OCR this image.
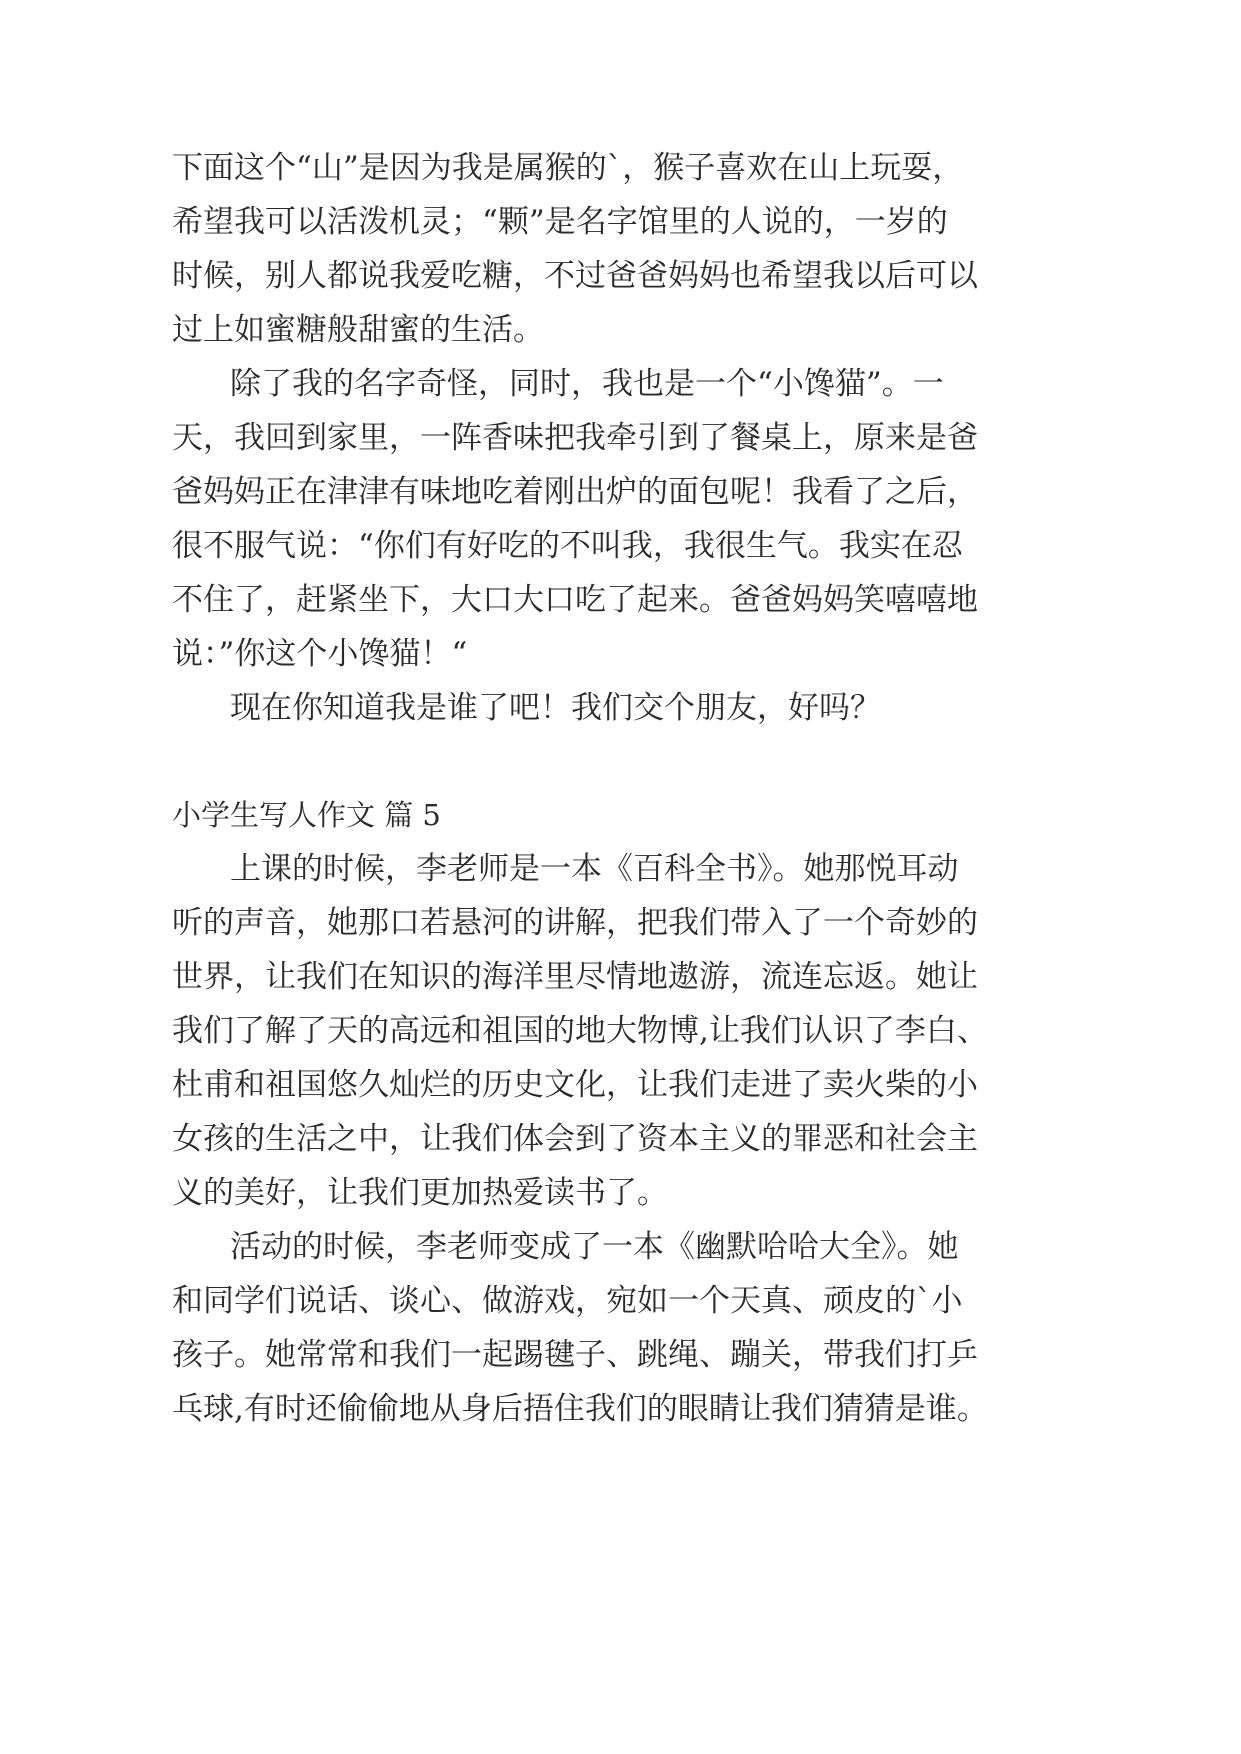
下面这个“山”是因为我是属猴的`，猴子喜欢在山上玩耍，
希望我可以活泼机灵；“颗”是名字馆里的人说的，一岁的
时候，别人都说我爱吃糖，不过爸爸妈妈也希望我以后可以
过上如蜜糖般甜蜜的生活。
除了我的名字奇怪，同时，我也是一个“小馋猫”。一
天，我回到家里，一阵香味把我牵引到了餐桌上，原来是爸
爸妈妈正在津津有味地吃着刚出炉的面包呢！我看了之后，
很不服气说：“你们有好吃的不叫我，我很生气。我实在忍
不住了，赶紧坐下，大口大口吃了起来。爸爸妈妈笑嘻嘻地
说：”你这个小馋猫！“
现在你知道我是谁了吧！我们交个朋友，好吗？
小学生写人作文 篇 5
上课的时候，李老师是一本《百科全书》。她那悦耳动
听的声音，她那口若悬河的讲解，把我们带入了一个奇妙的
世界，让我们在知识的海洋里尽情地遨游，流连忘返。她让
我们了解了天的高远和祖国的地大物博,让我们认识了李白、
杜甫和祖国悠久灿烂的历史文化，让我们走进了卖火柴的小
女孩的生活之中，让我们体会到了资本主义的罪恶和社会主
义的美好，让我们更加热爱读书了。
活动的时候，李老师变成了一本《幽默哈哈大全》。她
和同学们说话、谈心、做游戏，宛如一个天真、顽皮的`小
孩子。她常常和我们一起踢毽子、跳绳、蹦关，带我们打乒
乓球,有时还偷偷地从身后捂住我们的眼睛让我们猜猜是谁。
